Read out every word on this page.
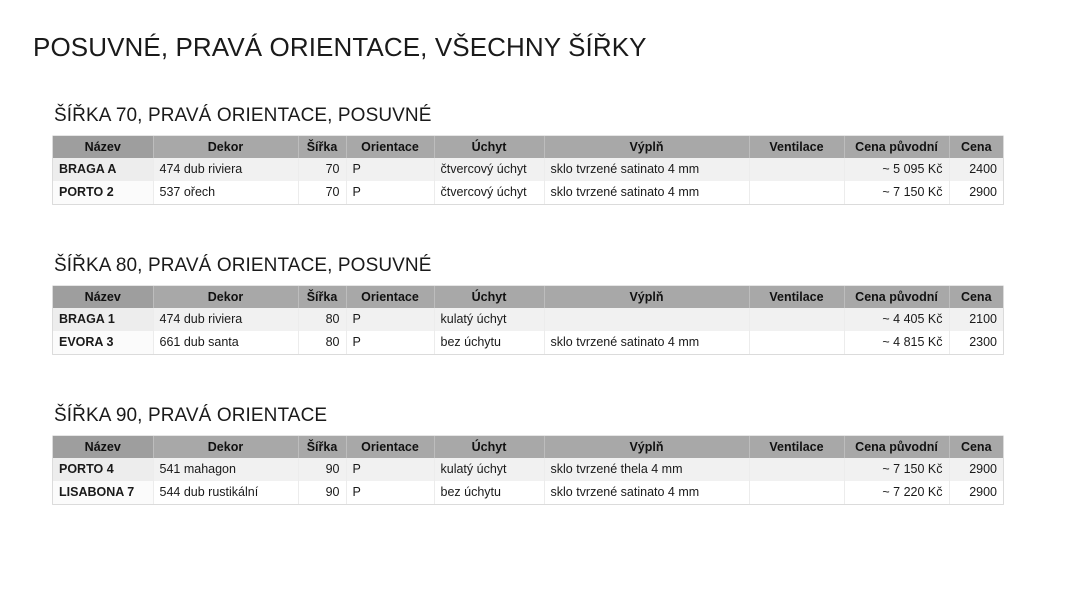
POSUVNÉ, PRAVÁ ORIENTACE, VŠECHNY ŠÍŘKY
ŠÍŘKA 70, PRAVÁ ORIENTACE, POSUVNÉ
Název	Dekor	Šířka	Orientace	Úchyt	Výplň	Ventilace	Cena původní	Cena
BRAGA A	474 dub riviera	70	P	čtvercový úchyt	sklo tvrzené satinato 4 mm		~ 5 095 Kč	2400
PORTO 2	537 ořech	70	P	čtvercový úchyt	sklo tvrzené satinato 4 mm		~ 7 150 Kč	2900
ŠÍŘKA 80, PRAVÁ ORIENTACE, POSUVNÉ
Název	Dekor	Šířka	Orientace	Úchyt	Výplň	Ventilace	Cena původní	Cena
BRAGA 1	474 dub riviera	80	P	kulatý úchyt			~ 4 405 Kč	2100
EVORA 3	661 dub santa	80	P	bez úchytu	sklo tvrzené satinato 4 mm		~ 4 815 Kč	2300
ŠÍŘKA 90, PRAVÁ ORIENTACE
Název	Dekor	Šířka	Orientace	Úchyt	Výplň	Ventilace	Cena původní	Cena
PORTO 4	541 mahagon	90	P	kulatý úchyt	sklo tvrzené thela 4 mm		~ 7 150 Kč	2900
LISABONA 7	544 dub rustikální	90	P	bez úchytu	sklo tvrzené satinato 4 mm		~ 7 220 Kč	2900
